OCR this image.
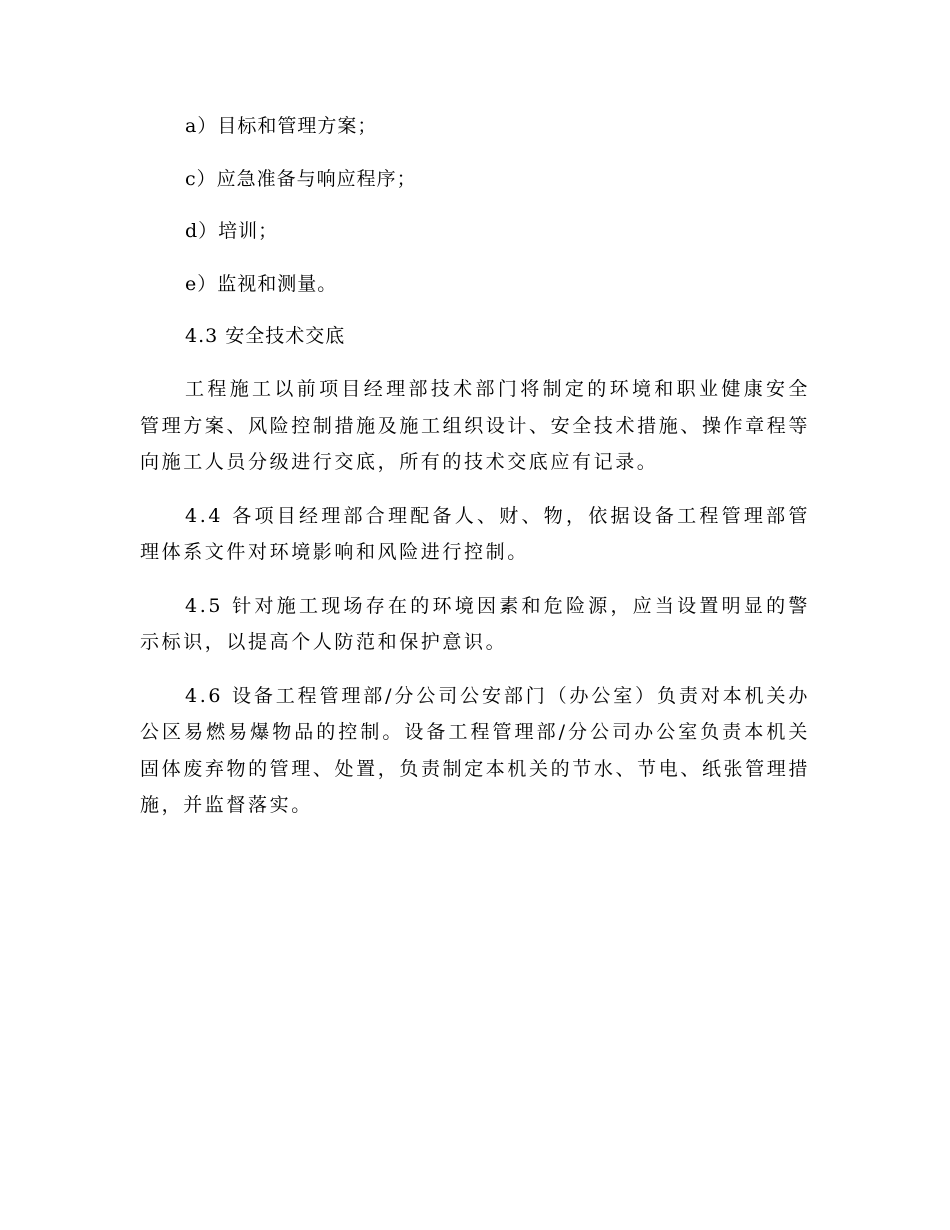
a）目标和管理方案；
c）应急准备与响应程序；
d）培训；
e）监视和测量。
4.3 安全技术交底

工程施工以前项目经理部技术部门将制定的环境和职业健康安全管理方案、风险控制措施及施工组织设计、安全技术措施、操作章程等向施工人员分级进行交底，所有的技术交底应有记录。

4.4 各项目经理部合理配备人、财、物，依据设备工程管理部管理体系文件对环境影响和风险进行控制。

4.5 针对施工现场存在的环境因素和危险源，应当设置明显的警示标识，以提高个人防范和保护意识。

4.6 设备工程管理部/分公司公安部门（办公室）负责对本机关办公区易燃易爆物品的控制。设备工程管理部/分公司办公室负责本机关固体废弃物的管理、处置，负责制定本机关的节水、节电、纸张管理措施，并监督落实。
